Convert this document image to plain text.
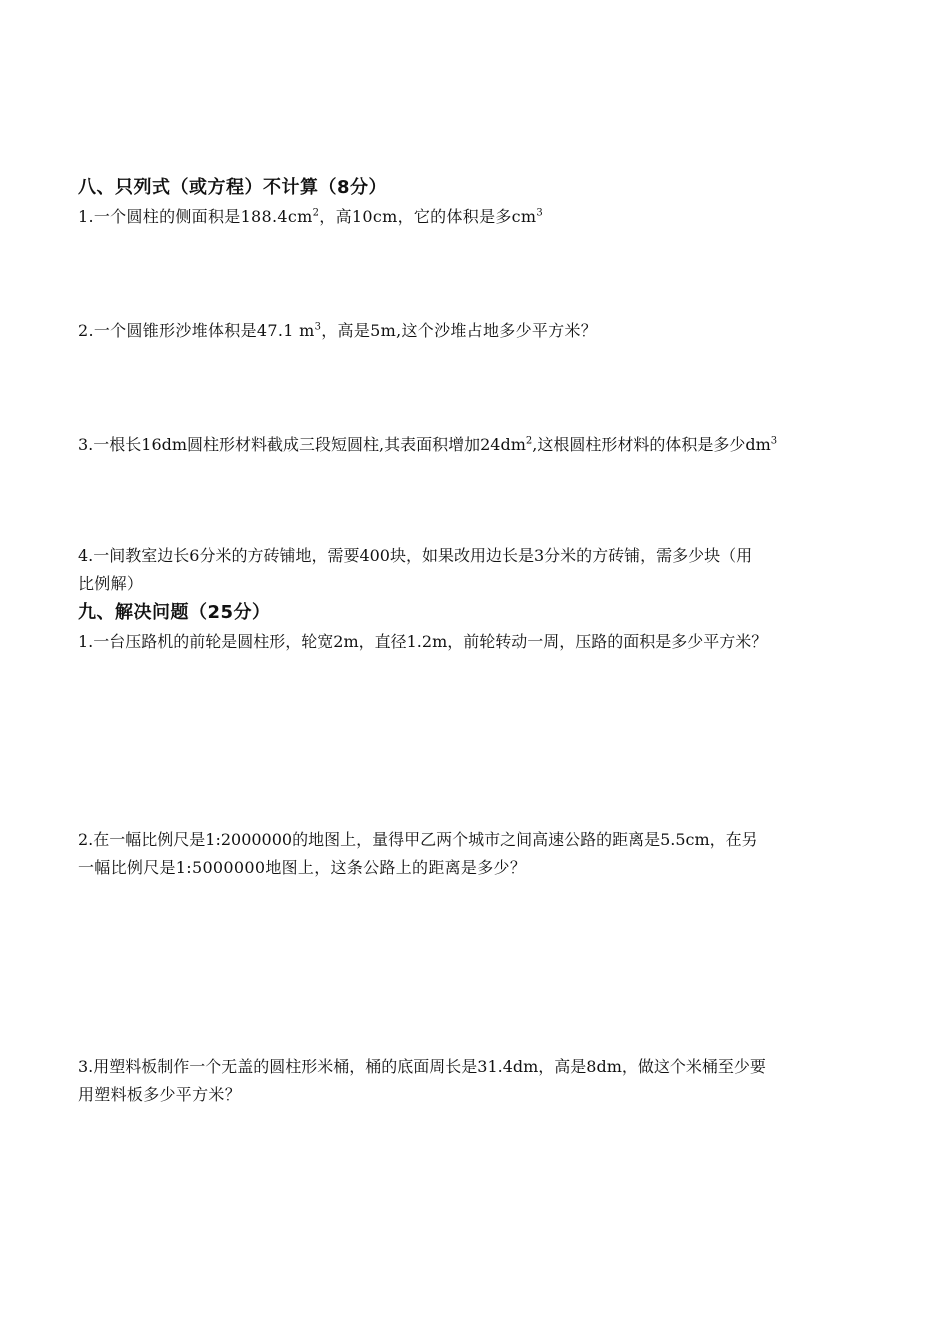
八、只列式（或方程）不计算（8分）
1.一个圆柱的侧面积是$188.4cm^2$，高10cm，它的体积是多$cm^3$
2.一个圆锥形沙堆体积是47.1 $m^3$，高是5m,这个沙堆占地多少平方米？
3.一根长16dm圆柱形材料截成三段短圆柱,其表面积增加$24dm^2$,这根圆柱形材料的体积是多少$dm^3$
4.一间教室边长6分米的方砖铺地，需要400块，如果改用边长是3分米的方砖铺，需多少块（用
比例解）
九、解决问题（25分）
1.一台压路机的前轮是圆柱形，轮宽2m，直径1.2m，前轮转动一周，压路的面积是多少平方米？
2.在一幅比例尺是1:2000000的地图上，量得甲乙两个城市之间高速公路的距离是5.5cm，在另
一幅比例尺是1:5000000地图上，这条公路上的距离是多少？
3.用塑料板制作一个无盖的圆柱形米桶，桶的底面周长是31.4dm，高是8dm，做这个米桶至少要
用塑料板多少平方米？
